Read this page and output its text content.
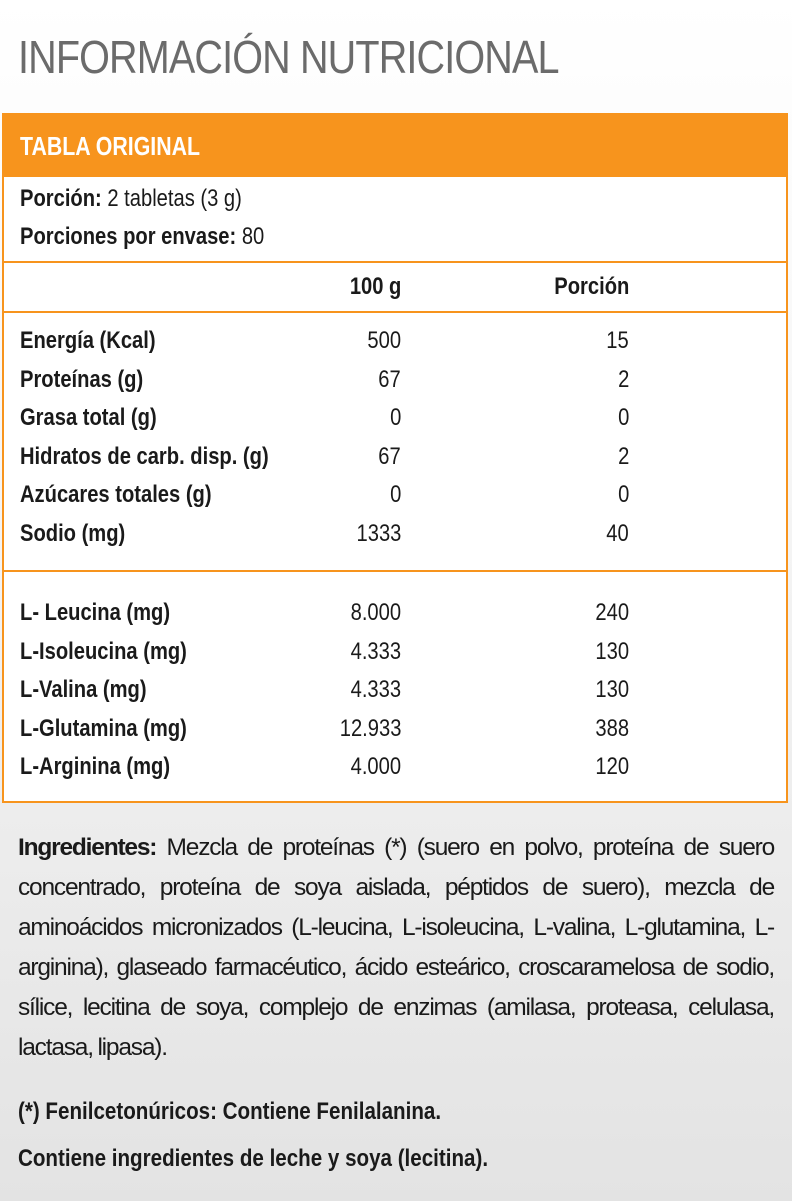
INFORMACIÓN NUTRICIONAL
TABLA ORIGINAL
Porción: 2 tabletas (3 g)
Porciones por envase: 80
100 g	Porción
Energía (Kcal)	500	15
Proteínas (g)	67	2
Grasa total (g)	0	0
Hidratos de carb. disp. (g)	67	2
Azúcares totales (g)	0	0
Sodio (mg)	1333	40
L- Leucina (mg)	8.000	240
L-Isoleucina (mg)	4.333	130
L-Valina (mg)	4.333	130
L-Glutamina (mg)	12.933	388
L-Arginina (mg)	4.000	120
Ingredientes: Mezcla de proteínas (*) (suero en polvo, proteína de suero concentrado, proteína de soya aislada, péptidos de suero), mezcla de aminoácidos micronizados (L-leucina, L-isoleucina, L-valina, L-glutamina, L-arginina), glaseado farmacéutico, ácido esteárico, croscaramelosa de sodio, sílice, lecitina de soya, complejo de enzimas (amilasa, proteasa, celulasa, lactasa, lipasa).
(*) Fenilcetonúricos: Contiene Fenilalanina.
Contiene ingredientes de leche y soya (lecitina).
